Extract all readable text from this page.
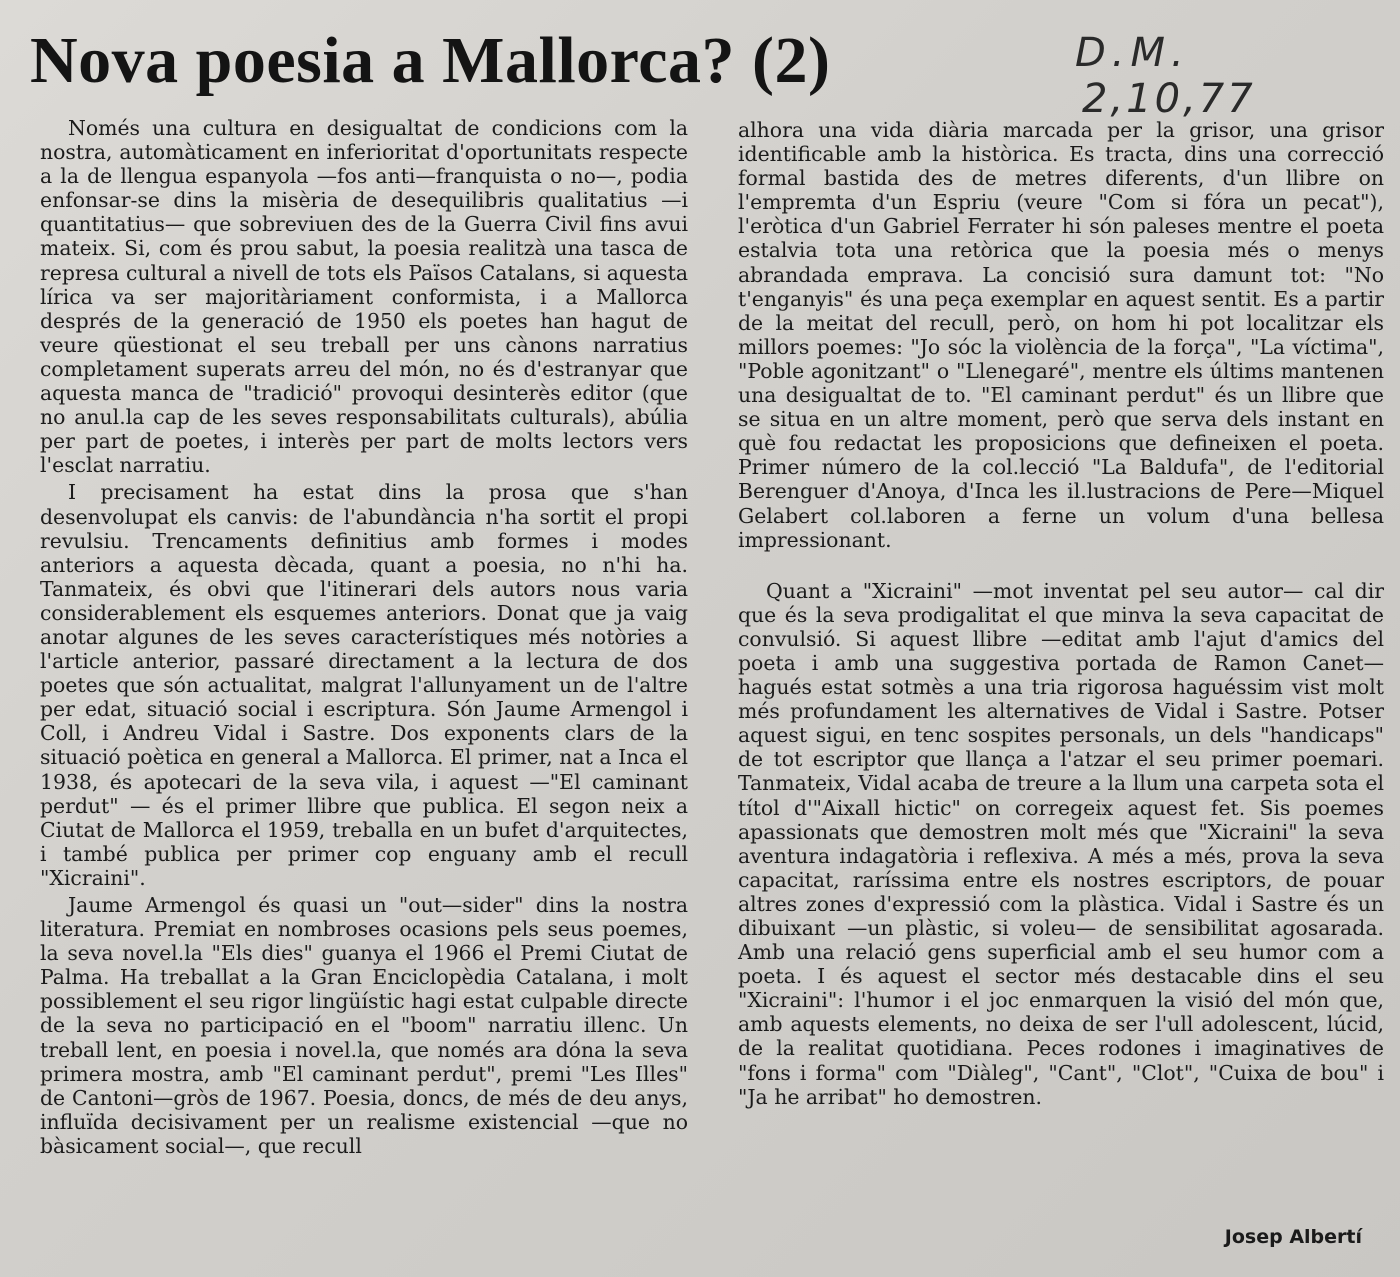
Nova poesia a Mallorca? (2)	D.M.
2,10,77

Només una cultura en desigualtat de condicions com la nostra, automàticament en inferioritat d'oportunitats respecte a la de llengua espanyola —fos anti—franquista o no—, podia enfonsar-se dins la misèria de desequilibris qualitatius —i quantitatius— que sobreviuen des de la Guerra Civil fins avui mateix. Si, com és prou sabut, la poesia realitzà una tasca de represa cultural a nivell de tots els Països Catalans, si aquesta lírica va ser majoritàriament conformista, i a Mallorca després de la generació de 1950 els poetes han hagut de veure qüestionat el seu treball per uns cànons narratius completament superats arreu del món, no és d'estranyar que aquesta manca de "tradició" provoqui desinterès editor (que no anul.la cap de les seves responsabilitats culturals), abúlia per part de poetes, i interès per part de molts lectors vers l'esclat narratiu.

I precisament ha estat dins la prosa que s'han desenvolupat els canvis: de l'abundància n'ha sortit el propi revulsiu. Trencaments definitius amb formes i modes anteriors a aquesta dècada, quant a poesia, no n'hi ha. Tanmateix, és obvi que l'itinerari dels autors nous varia considerablement els esquemes anteriors. Donat que ja vaig anotar algunes de les seves característiques més notòries a l'article anterior, passaré directament a la lectura de dos poetes que són actualitat, malgrat l'allunyament un de l'altre per edat, situació social i escriptura. Són Jaume Armengol i Coll, i Andreu Vidal i Sastre. Dos exponents clars de la situació poètica en general a Mallorca. El primer, nat a Inca el 1938, és apotecari de la seva vila, i aquest —"El caminant perdut" — és el primer llibre que publica. El segon neix a Ciutat de Mallorca el 1959, treballa en un bufet d'arquitectes, i també publica per primer cop enguany amb el recull "Xicraini".

Jaume Armengol és quasi un "out—sider" dins la nostra literatura. Premiat en nombroses ocasions pels seus poemes, la seva novel.la "Els dies" guanya el 1966 el Premi Ciutat de Palma. Ha treballat a la Gran Enciclopèdia Catalana, i molt possiblement el seu rigor lingüístic hagi estat culpable directe de la seva no participació en el "boom" narratiu illenc. Un treball lent, en poesia i novel.la, que només ara dóna la seva primera mostra, amb "El caminant perdut", premi "Les Illes" de Cantoni—gròs de 1967. Poesia, doncs, de més de deu anys, influïda decisivament per un realisme existencial —que no bàsicament social—, que recull

alhora una vida diària marcada per la grisor, una grisor identificable amb la històrica. Es tracta, dins una correcció formal bastida des de metres diferents, d'un llibre on l'empremta d'un Espriu (veure "Com si fóra un pecat"), l'eròtica d'un Gabriel Ferrater hi són paleses mentre el poeta estalvia tota una retòrica que la poesia més o menys abrandada emprava. La concisió sura damunt tot: "No t'enganyis" és una peça exemplar en aquest sentit. Es a partir de la meitat del recull, però, on hom hi pot localitzar els millors poemes: "Jo sóc la violència de la força", "La víctima", "Poble agonitzant" o "Llenegaré", mentre els últims mantenen una desigualtat de to. "El caminant perdut" és un llibre que se situa en un altre moment, però que serva dels instant en què fou redactat les proposicions que defineixen el poeta. Primer número de la col.lecció "La Baldufa", de l'editorial Berenguer d'Anoya, d'Inca les il.lustracions de Pere—Miquel Gelabert col.laboren a ferne un volum d'una bellesa impressionant.

Quant a "Xicraini" —mot inventat pel seu autor— cal dir que és la seva prodigalitat el que minva la seva capacitat de convulsió. Si aquest llibre —editat amb l'ajut d'amics del poeta i amb una suggestiva portada de Ramon Canet— hagués estat sotmès a una tria rigorosa haguéssim vist molt més profundament les alternatives de Vidal i Sastre. Potser aquest sigui, en tenc sospites personals, un dels "handicaps" de tot escriptor que llança a l'atzar el seu primer poemari. Tanmateix, Vidal acaba de treure a la llum una carpeta sota el títol d'"Aixall hictic" on corregeix aquest fet. Sis poemes apassionats que demostren molt més que "Xicraini" la seva aventura indagatòria i reflexiva. A més a més, prova la seva capacitat, raríssima entre els nostres escriptors, de pouar altres zones d'expressió com la plàstica. Vidal i Sastre és un dibuixant —un plàstic, si voleu— de sensibilitat agosarada. Amb una relació gens superficial amb el seu humor com a poeta. I és aquest el sector més destacable dins el seu "Xicraini": l'humor i el joc enmarquen la visió del món que, amb aquests elements, no deixa de ser l'ull adolescent, lúcid, de la realitat quotidiana. Peces rodones i imaginatives de "fons i forma" com "Diàleg", "Cant", "Clot", "Cuixa de bou" i "Ja he arribat" ho demostren.

Josep Albertí
